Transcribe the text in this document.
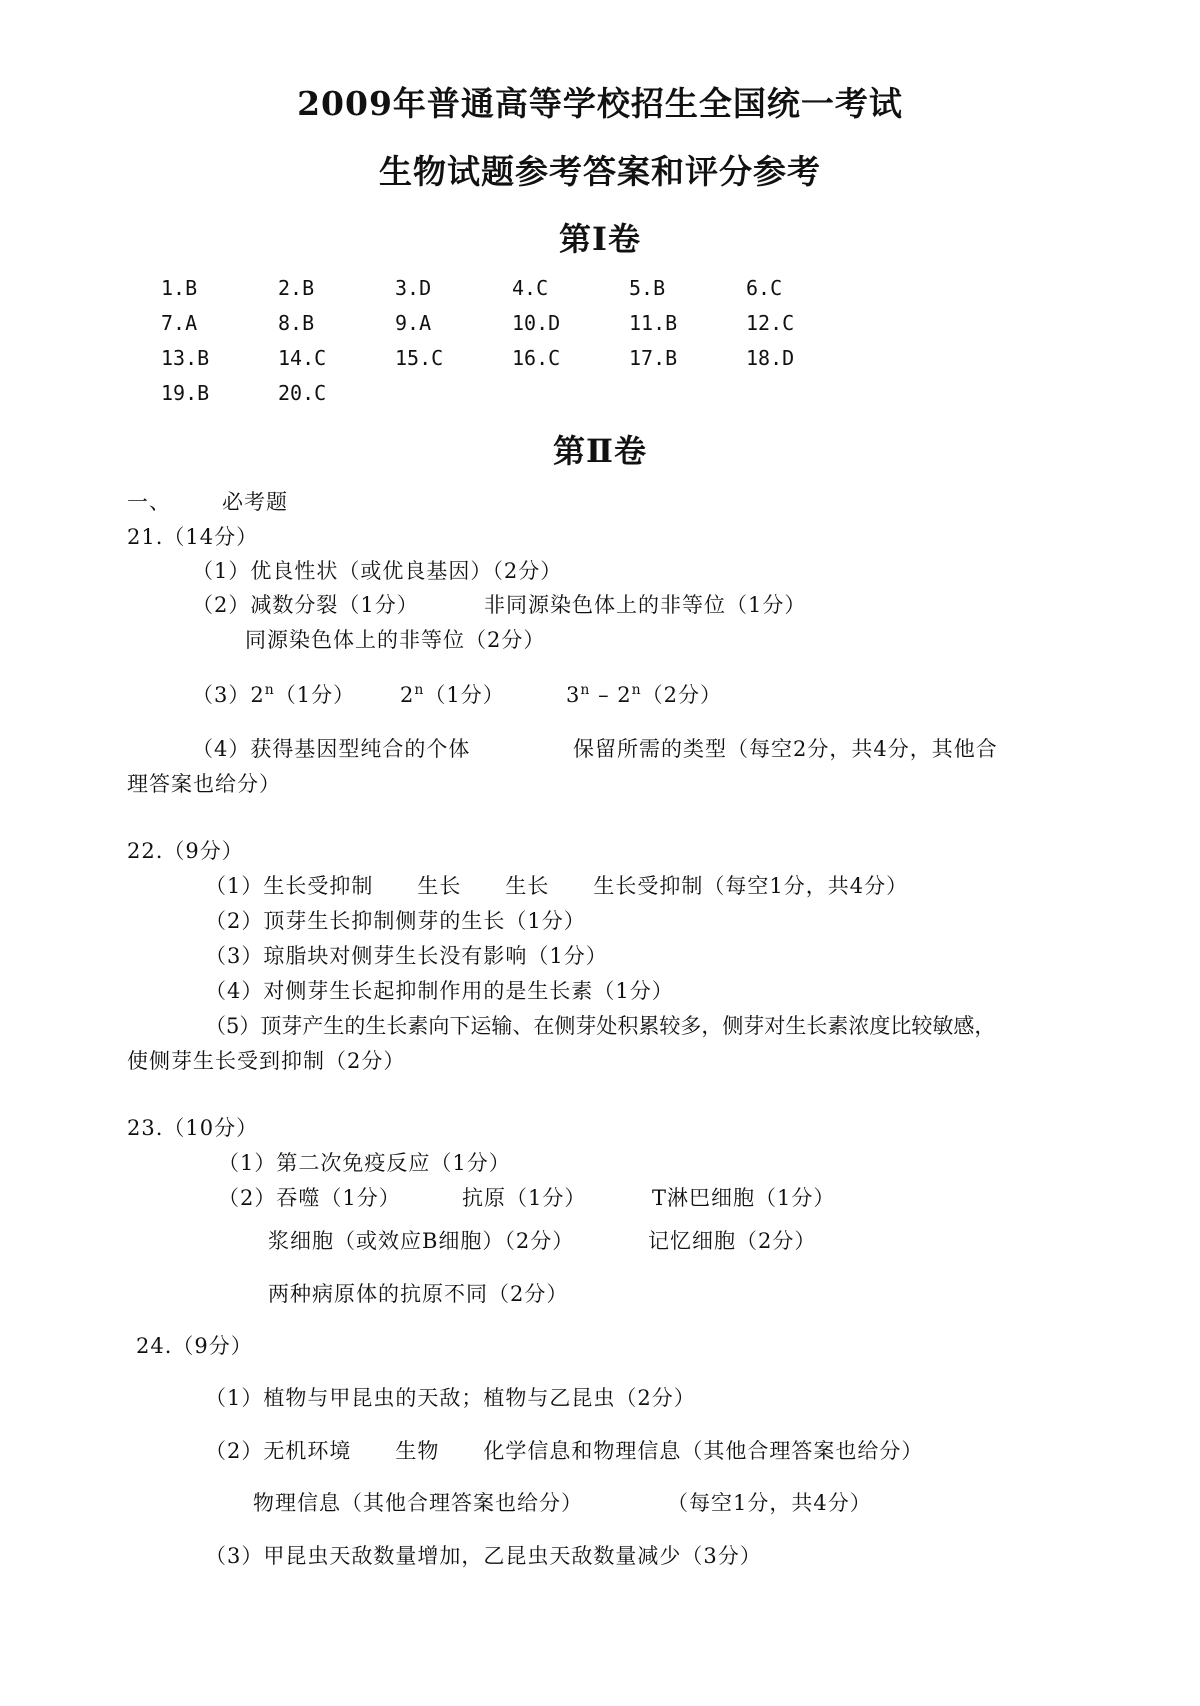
2009年普通高等学校招生全国统一考试
生物试题参考答案和评分参考
第Ⅰ卷
1.B	2.B	3.D	4.C	5.B	6.C
7.A	8.B	9.A	10.D	11.B	12.C
13.B	14.C	15.C	16.C	17.B	18.D
19.B	20.C
第Ⅱ卷
一、 必考题
21.（14分）
（1）优良性状（或优良基因）（2分）
（2）减数分裂（1分）	非同源染色体上的非等位（1分）
同源染色体上的非等位（2分）
（3）2$^n$（1分） 2$^n$（1分）	3$^n$ – 2$^n$（2分）
（4）获得基因型纯合的个体	保留所需的类型（每空2分，共4分，其他合
理答案也给分）
22.（9分）
（1）生长受抑制　　生长　　生长　　生长受抑制（每空1分，共4分）
（2）顶芽生长抑制侧芽的生长（1分）
（3）琼脂块对侧芽生长没有影响（1分）
（4）对侧芽生长起抑制作用的是生长素（1分）
（5）顶芽产生的生长素向下运输、在侧芽处积累较多，侧芽对生长素浓度比较敏感，
使侧芽生长受到抑制（2分）
23.（10分）
（1）第二次免疫反应（1分）
（2）吞噬（1分）	抗原（1分）	T淋巴细胞（1分）
浆细胞（或效应B细胞）（2分）	记忆细胞（2分）
两种病原体的抗原不同（2分）
24.（9分）
（1）植物与甲昆虫的天敌；植物与乙昆虫（2分）
（2）无机环境　　生物　　化学信息和物理信息（其他合理答案也给分）
物理信息（其他合理答案也给分）	（每空1分，共4分）
（3）甲昆虫天敌数量增加，乙昆虫天敌数量减少（3分）
